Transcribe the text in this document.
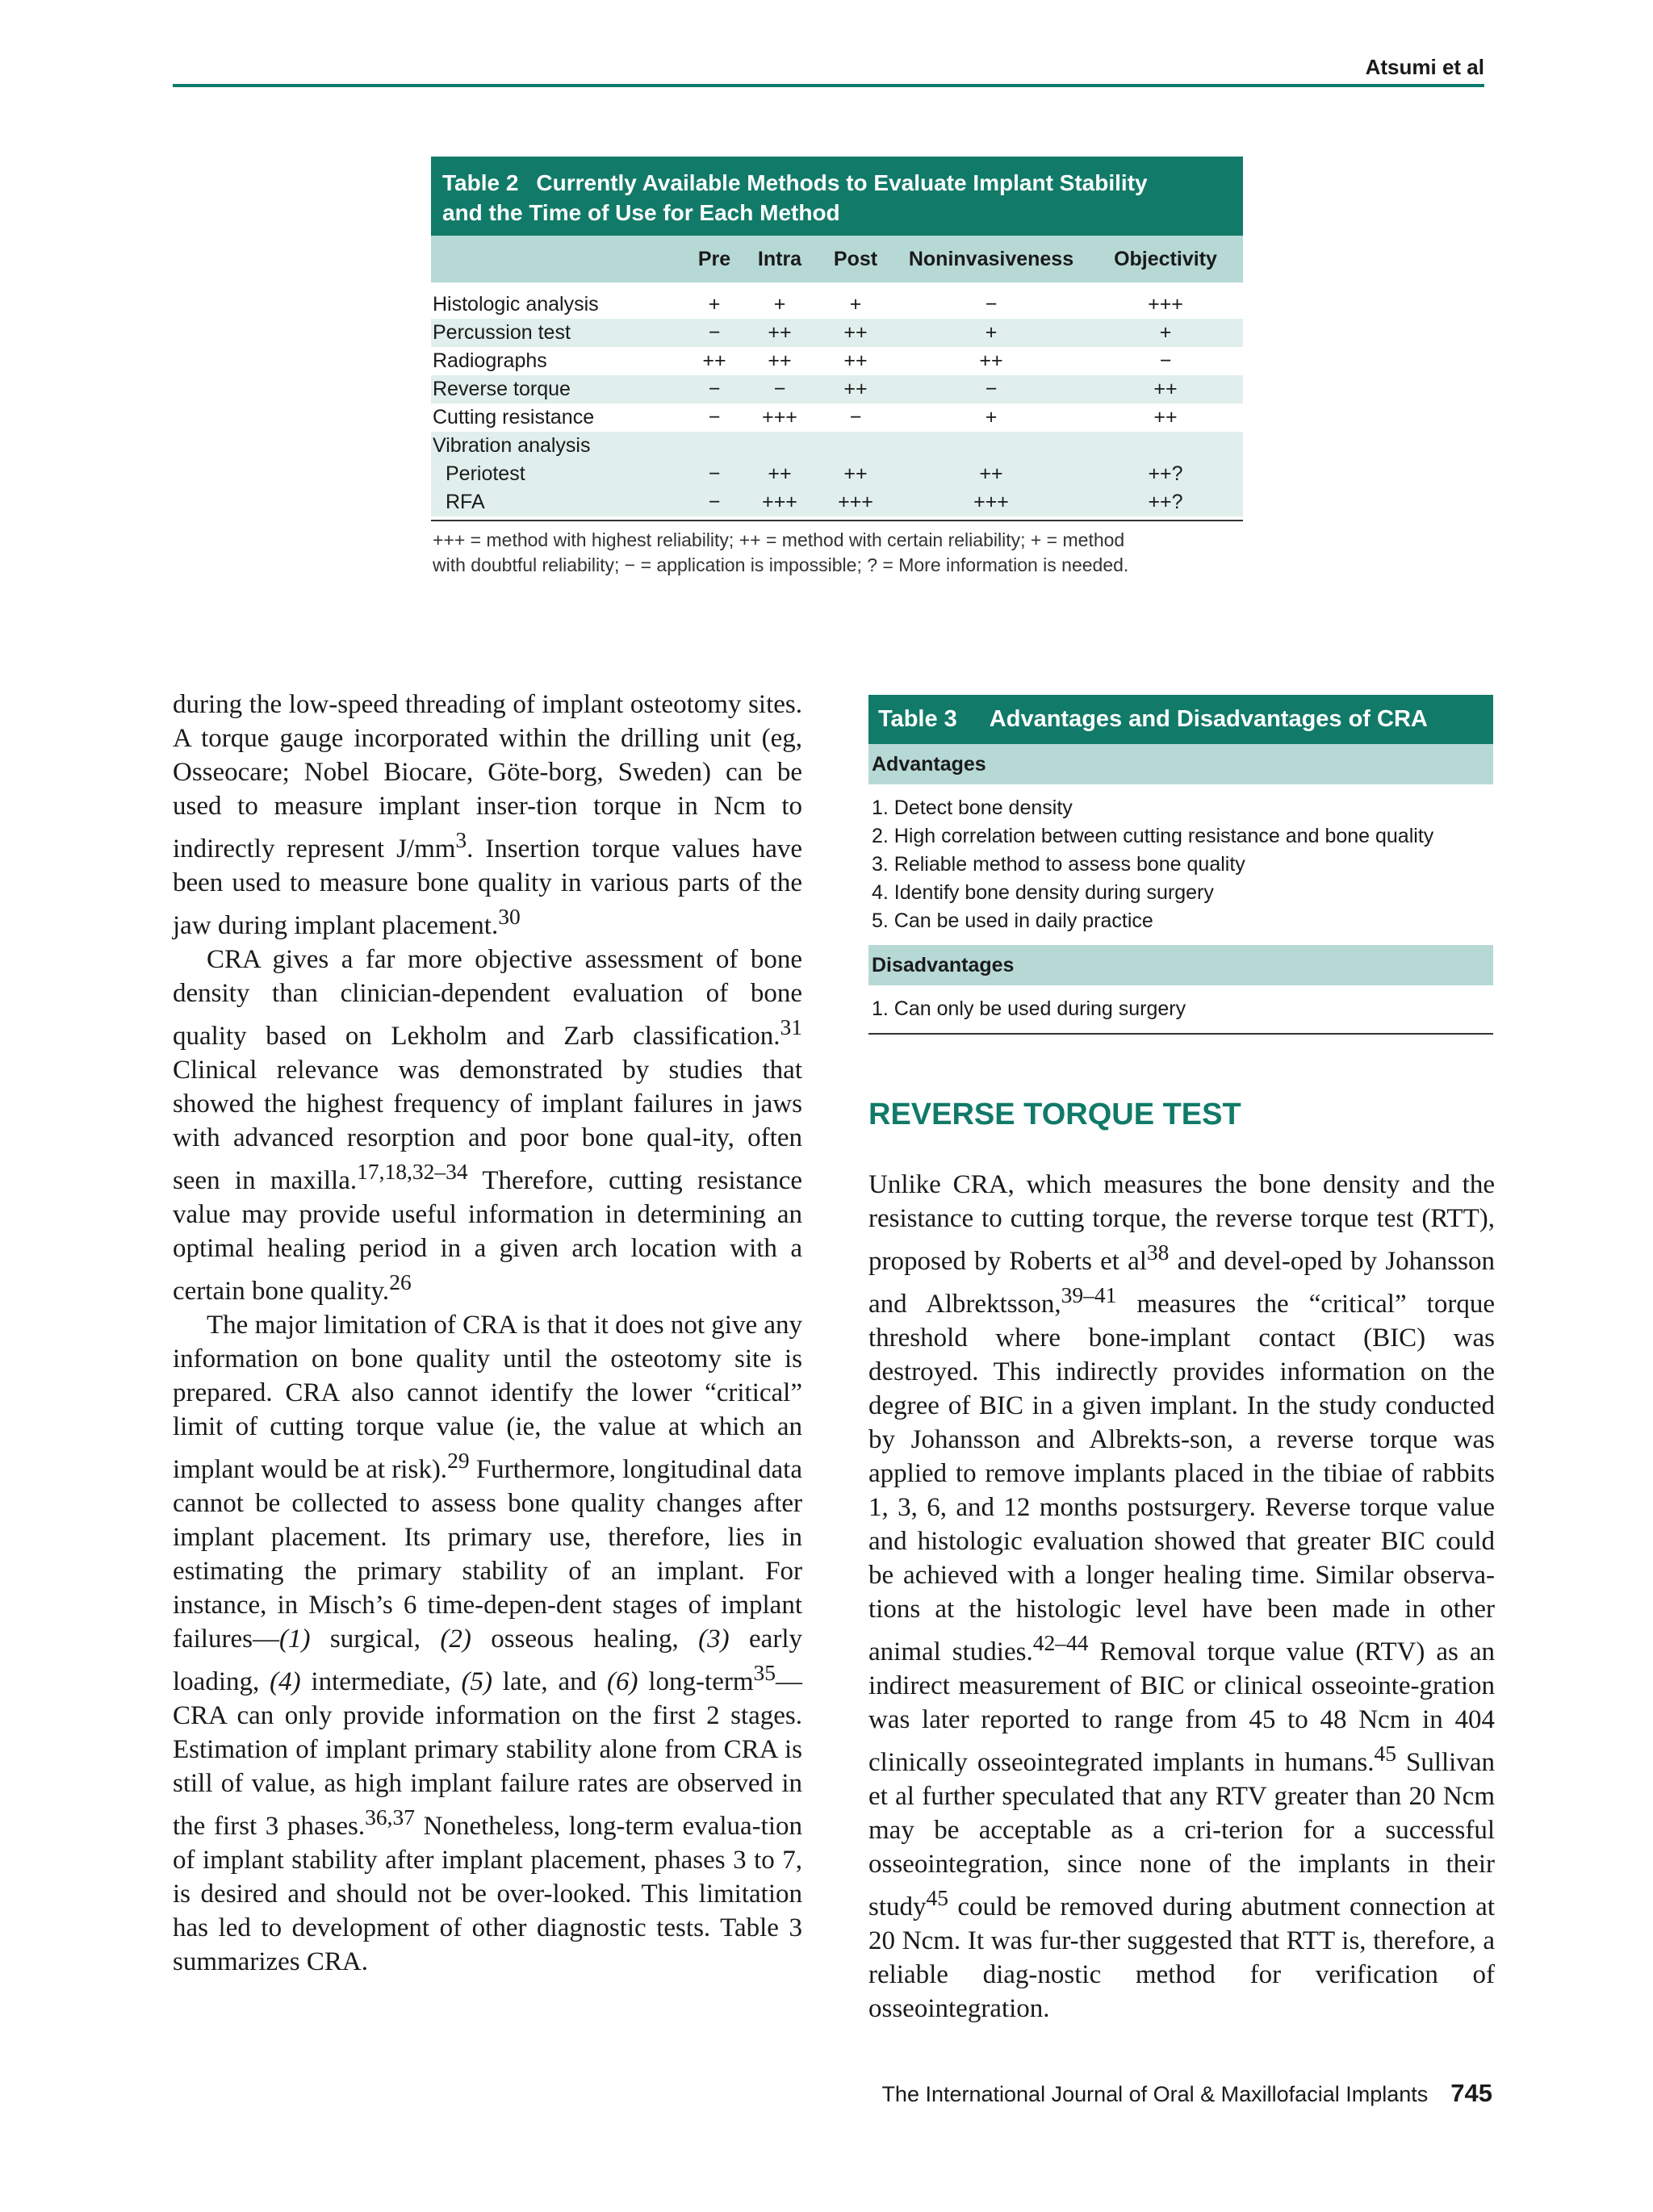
Atsumi et al
Table 2 Currently Available Methods to Evaluate Implant Stability
and the Time of Use for Each Method
Pre	Intra	Post	Noninvasiveness	Objectivity
Histologic analysis	+	+	+	−	+++
Percussion test	−	++	++	+	+
Radiographs	++	++	++	++	−
Reverse torque	−	−	++	−	++
Cutting resistance	−	+++	−	+	++
Vibration analysis
Periotest	−	++	++	++	++?
RFA	−	+++	+++	+++	++?
+++ = method with highest reliability; ++ = method with certain reliability; + = method
with doubtful reliability; − = application is impossible; ? = More information is needed.

during the low-speed threading of implant osteotomy sites. A torque gauge incorporated within the drilling unit (eg, Osseocare; Nobel Biocare, Göte-borg, Sweden) can be used to measure implant inser-tion torque in Ncm to indirectly represent $J/mm^3$. Insertion torque values have been used to measure bone quality in various parts of the jaw during implant placement.$^{30}$

CRA gives a far more objective assessment of bone density than clinician-dependent evaluation of bone quality based on Lekholm and Zarb classification.$^{31}$ Clinical relevance was demonstrated by studies that showed the highest frequency of implant failures in jaws with advanced resorption and poor bone qual-ity, often seen in maxilla.$^{17,18,32-34}$ Therefore, cutting resistance value may provide useful information in determining an optimal healing period in a given arch location with a certain bone quality.$^{26}$

The major limitation of CRA is that it does not give any information on bone quality until the osteotomy site is prepared. CRA also cannot identify the lower “critical” limit of cutting torque value (ie, the value at which an implant would be at risk).$^{29}$ Furthermore, longitudinal data cannot be collected to assess bone quality changes after implant placement. Its primary use, therefore, lies in estimating the primary stability of an implant. For instance, in Misch’s 6 time-depen-dent stages of implant failures—(1) surgical, (2) osseous healing, (3) early loading, (4) intermediate, (5) late, and (6) long-term$^{35}$—CRA can only provide information on the first 2 stages. Estimation of implant primary stability alone from CRA is still of value, as high implant failure rates are observed in the first 3 phases.$^{36,37}$ Nonetheless, long-term evalua-tion of implant stability after implant placement, phases 3 to 7, is desired and should not be over-looked. This limitation has led to development of other diagnostic tests. Table 3 summarizes CRA.

Table 3 Advantages and Disadvantages of CRA
Advantages
1. Detect bone density
2. High correlation between cutting resistance and bone quality
3. Reliable method to assess bone quality
4. Identify bone density during surgery
5. Can be used in daily practice
Disadvantages
1. Can only be used during surgery
REVERSE TORQUE TEST

Unlike CRA, which measures the bone density and the resistance to cutting torque, the reverse torque test (RTT), proposed by Roberts et $al^{38}$ and devel-oped by Johansson and Albrektsson,$^{39-41}$ measures the “critical” torque threshold where bone-implant contact (BIC) was destroyed. This indirectly provides information on the degree of BIC in a given implant. In the study conducted by Johansson and Albrekts-son, a reverse torque was applied to remove implants placed in the tibiae of rabbits 1, 3, 6, and 12 months postsurgery. Reverse torque value and histologic evaluation showed that greater BIC could be achieved with a longer healing time. Similar observa-tions at the histologic level have been made in other animal studies.$^{42-44}$ Removal torque value (RTV) as an indirect measurement of BIC or clinical osseointe-gration was later reported to range from 45 to 48 Ncm in 404 clinically osseointegrated implants in humans.$^{45}$ Sullivan et al further speculated that any RTV greater than 20 Ncm may be acceptable as a cri-terion for a successful osseointegration, since none of the implants in their study$^{45}$ could be removed during abutment connection at 20 Ncm. It was fur-ther suggested that RTT is, therefore, a reliable diag-nostic method for verification of osseointegration.

The International Journal of Oral & Maxillofacial Implants 745
